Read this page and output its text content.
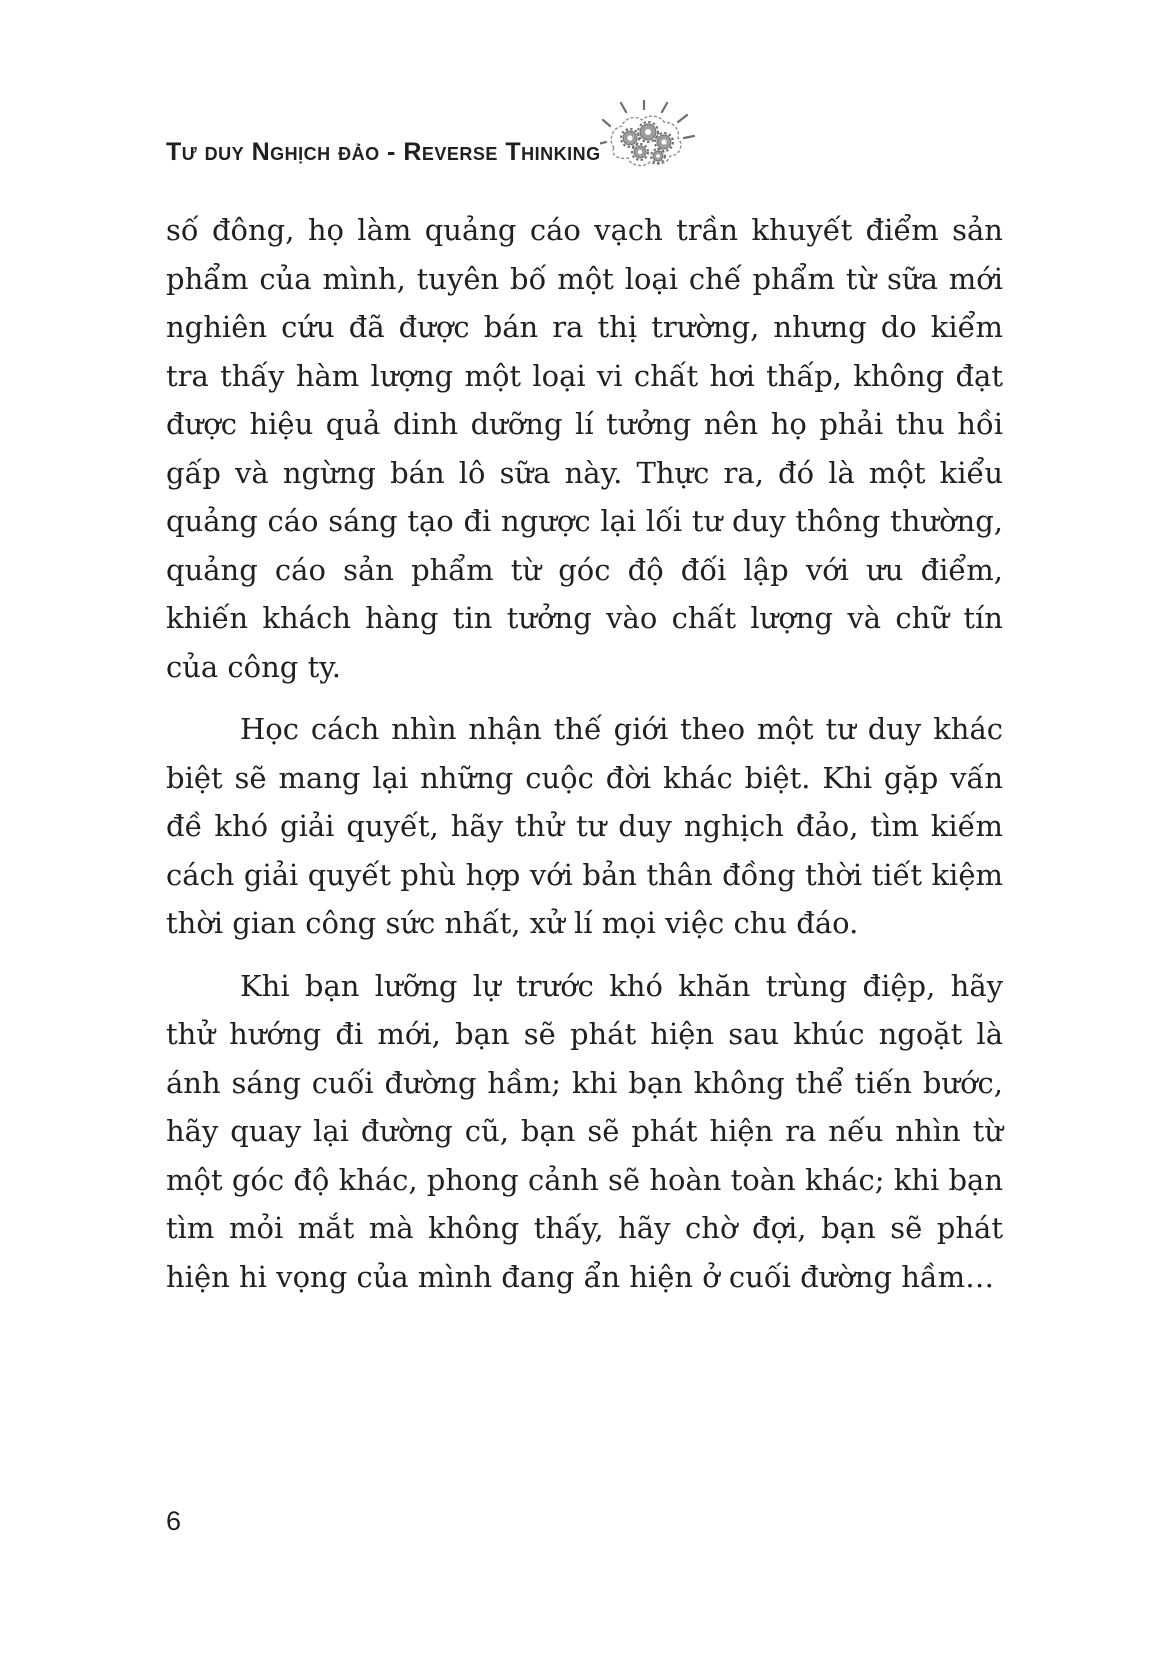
Tư duy Nghịch đảo - Reverse Thinking

số đông, họ làm quảng cáo vạch trần khuyết điểm sản phẩm của mình, tuyên bố một loại chế phẩm từ sữa mới nghiên cứu đã được bán ra thị trường, nhưng do kiểm tra thấy hàm lượng một loại vi chất hơi thấp, không đạt được hiệu quả dinh dưỡng lí tưởng nên họ phải thu hồi gấp và ngừng bán lô sữa này. Thực ra, đó là một kiểu quảng cáo sáng tạo đi ngược lại lối tư duy thông thường, quảng cáo sản phẩm từ góc độ đối lập với ưu điểm, khiến khách hàng tin tưởng vào chất lượng và chữ tín của công ty.

Học cách nhìn nhận thế giới theo một tư duy khác biệt sẽ mang lại những cuộc đời khác biệt. Khi gặp vấn đề khó giải quyết, hãy thử tư duy nghịch đảo, tìm kiếm cách giải quyết phù hợp với bản thân đồng thời tiết kiệm thời gian công sức nhất, xử lí mọi việc chu đáo.

Khi bạn lưỡng lự trước khó khăn trùng điệp, hãy thử hướng đi mới, bạn sẽ phát hiện sau khúc ngoặt là ánh sáng cuối đường hầm; khi bạn không thể tiến bước, hãy quay lại đường cũ, bạn sẽ phát hiện ra nếu nhìn từ một góc độ khác, phong cảnh sẽ hoàn toàn khác; khi bạn tìm mỏi mắt mà không thấy, hãy chờ đợi, bạn sẽ phát hiện hi vọng của mình đang ẩn hiện ở cuối đường hầm…

6
